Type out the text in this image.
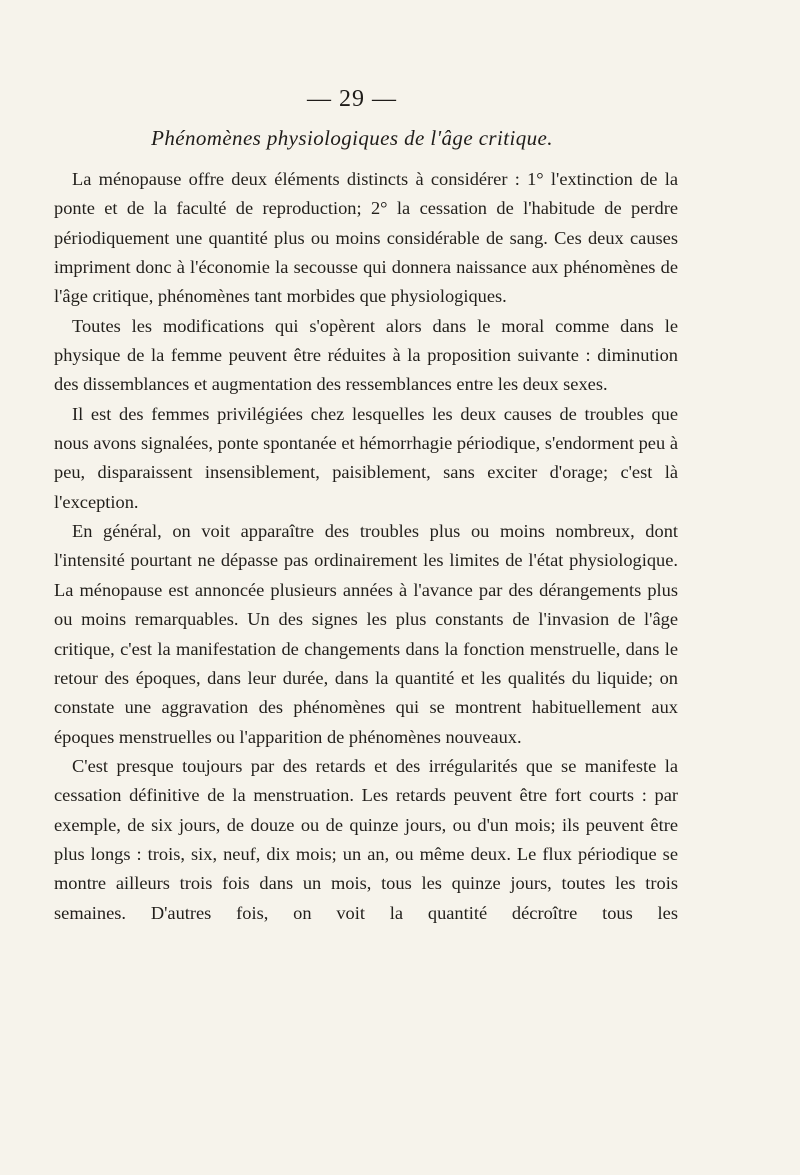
— 29 —
Phénomènes physiologiques de l'âge critique.

La ménopause offre deux éléments distincts à considérer : 1° l'extinction de la ponte et de la faculté de reproduction; 2° la cessation de l'habitude de perdre périodiquement une quantité plus ou moins considérable de sang. Ces deux causes impriment donc à l'économie la secousse qui donnera naissance aux phénomènes de l'âge critique, phénomènes tant morbides que physiologiques.

Toutes les modifications qui s'opèrent alors dans le moral comme dans le physique de la femme peuvent être réduites à la proposition suivante : diminution des dissemblances et augmentation des ressemblances entre les deux sexes.

Il est des femmes privilégiées chez lesquelles les deux causes de troubles que nous avons signalées, ponte spontanée et hémorrhagie périodique, s'endorment peu à peu, disparaissent insensiblement, paisiblement, sans exciter d'orage; c'est là l'exception.

En général, on voit apparaître des troubles plus ou moins nombreux, dont l'intensité pourtant ne dépasse pas ordinairement les limites de l'état physiologique. La ménopause est annoncée plusieurs années à l'avance par des dérangements plus ou moins remarquables. Un des signes les plus constants de l'invasion de l'âge critique, c'est la manifestation de changements dans la fonction menstruelle, dans le retour des époques, dans leur durée, dans la quantité et les qualités du liquide; on constate une aggravation des phénomènes qui se montrent habituellement aux époques menstruelles ou l'apparition de phénomènes nouveaux.

C'est presque toujours par des retards et des irrégularités que se manifeste la cessation définitive de la menstruation. Les retards peuvent être fort courts : par exemple, de six jours, de douze ou de quinze jours, ou d'un mois; ils peuvent être plus longs : trois, six, neuf, dix mois; un an, ou même deux. Le flux périodique se montre ailleurs trois fois dans un mois, tous les quinze jours, toutes les trois semaines. D'autres fois, on voit la quantité décroître tous les
